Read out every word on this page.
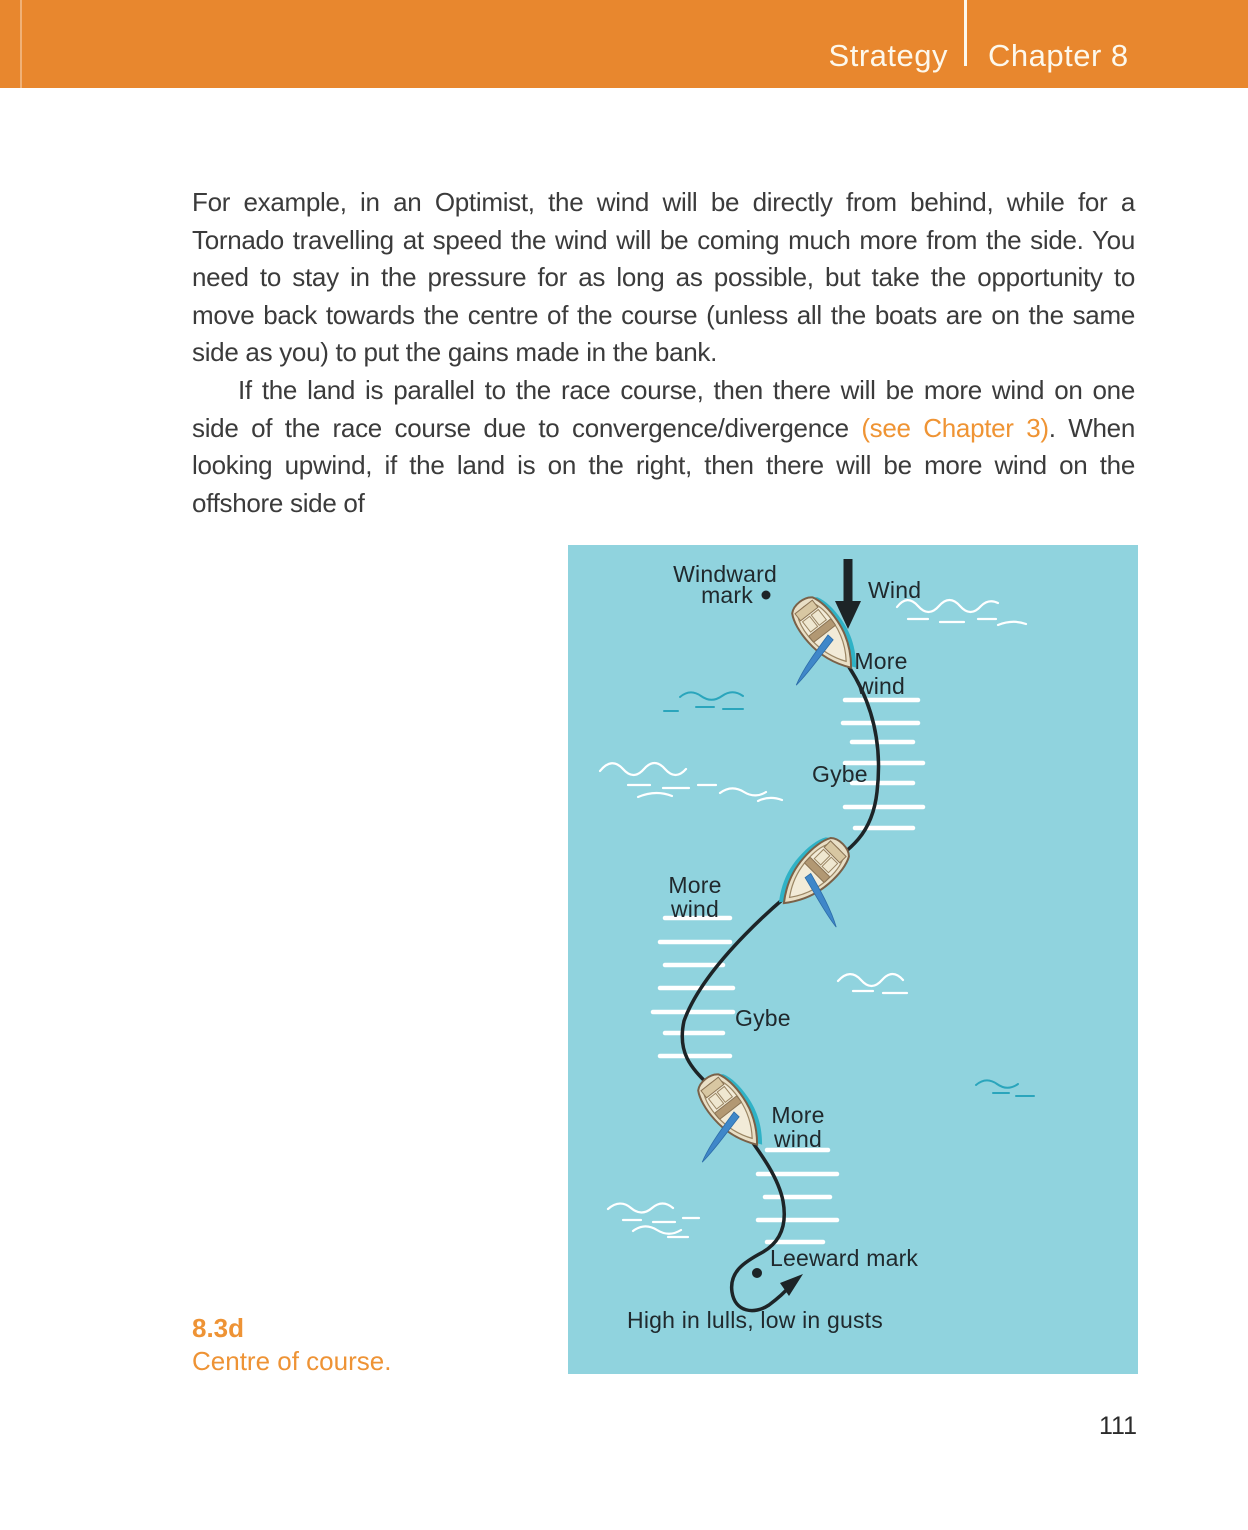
Strategy Chapter 8

For example, in an Optimist, the wind will be directly from behind, while for a Tornado travelling at speed the wind will be coming much more from the side. You need to stay in the pressure for as long as possible, but take the opportunity to move back towards the centre of the course (unless all the boats are on the same side as you) to put the gains made in the bank.

If the land is parallel to the race course, then there will be more wind on one side of the race course due to convergence/divergence (see Chapter 3). When looking upwind, if the land is on the right, then there will be more wind on the offshore side of

Windward
mark	Wind
More
wind
Gybe
More
wind
Gybe
More
wind
Leeward mark
High in lulls, low in gusts
8.3d
Centre of course.
111
